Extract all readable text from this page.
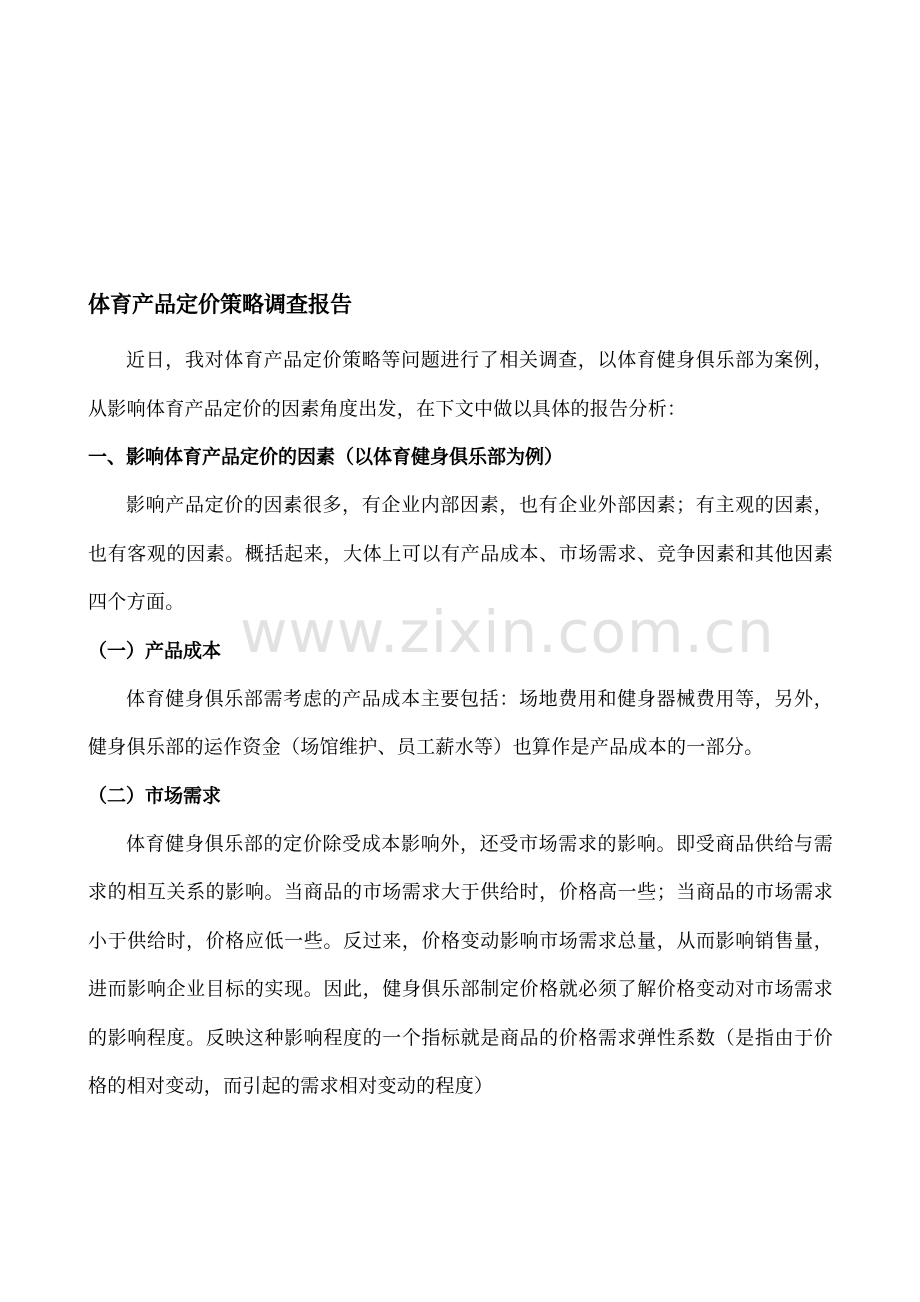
体育产品定价策略调查报告

近日，我对体育产品定价策略等问题进行了相关调查，以体育健身俱乐部为案例，从影响体育产品定价的因素角度出发，在下文中做以具体的报告分析：

一、影响体育产品定价的因素（以体育健身俱乐部为例）

影响产品定价的因素很多，有企业内部因素，也有企业外部因素；有主观的因素，也有客观的因素。概括起来，大体上可以有产品成本、市场需求、竞争因素和其他因素四个方面。

（一）产品成本

体育健身俱乐部需考虑的产品成本主要包括：场地费用和健身器械费用等，另外，健身俱乐部的运作资金（场馆维护、员工薪水等）也算作是产品成本的一部分。

（二）市场需求

体育健身俱乐部的定价除受成本影响外，还受市场需求的影响。即受商品供给与需求的相互关系的影响。当商品的市场需求大于供给时，价格高一些；当商品的市场需求小于供给时，价格应低一些。反过来，价格变动影响市场需求总量，从而影响销售量，进而影响企业目标的实现。因此，健身俱乐部制定价格就必须了解价格变动对市场需求的影响程度。反映这种影响程度的一个指标就是商品的价格需求弹性系数（是指由于价格的相对变动，而引起的需求相对变动的程度）

www.zixin.com.cn
